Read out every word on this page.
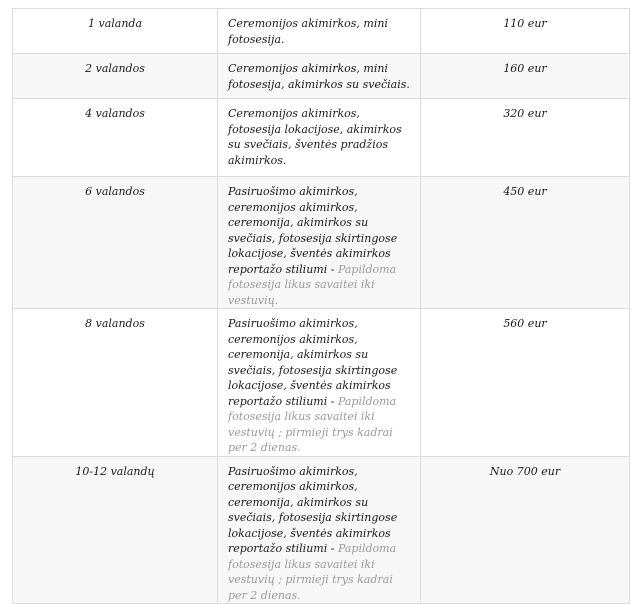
1 valanda	Ceremonijos akimirkos, mini fotosesija.	110 eur
2 valandos	Ceremonijos akimirkos, mini fotosesija, akimirkos su svečiais.	160 eur
4 valandos	Ceremonijos akimirkos, fotosesija lokacijose, akimirkos su svečiais, šventės pradžios akimirkos.	320 eur
6 valandos	Pasiruošimo akimirkos, ceremonijos akimirkos, ceremonija, akimirkos su svečiais, fotosesija skirtingose lokacijose, šventės akimirkos reportažo stiliumi - Papildoma fotosesija likus savaitei iki vestuvių.	450 eur
8 valandos	Pasiruošimo akimirkos, ceremonijos akimirkos, ceremonija, akimirkos su svečiais, fotosesija skirtingose lokacijose, šventės akimirkos reportažo stiliumi - Papildoma fotosesija likus savaitei iki vestuvių ; pirmieji trys kadrai per 2 dienas.	560 eur
10-12 valandų	Pasiruošimo akimirkos, ceremonijos akimirkos, ceremonija, akimirkos su svečiais, fotosesija skirtingose lokacijose, šventės akimirkos reportažo stiliumi - Papildoma fotosesija likus savaitei iki vestuvių ; pirmieji trys kadrai per 2 dienas.	Nuo 700 eur
